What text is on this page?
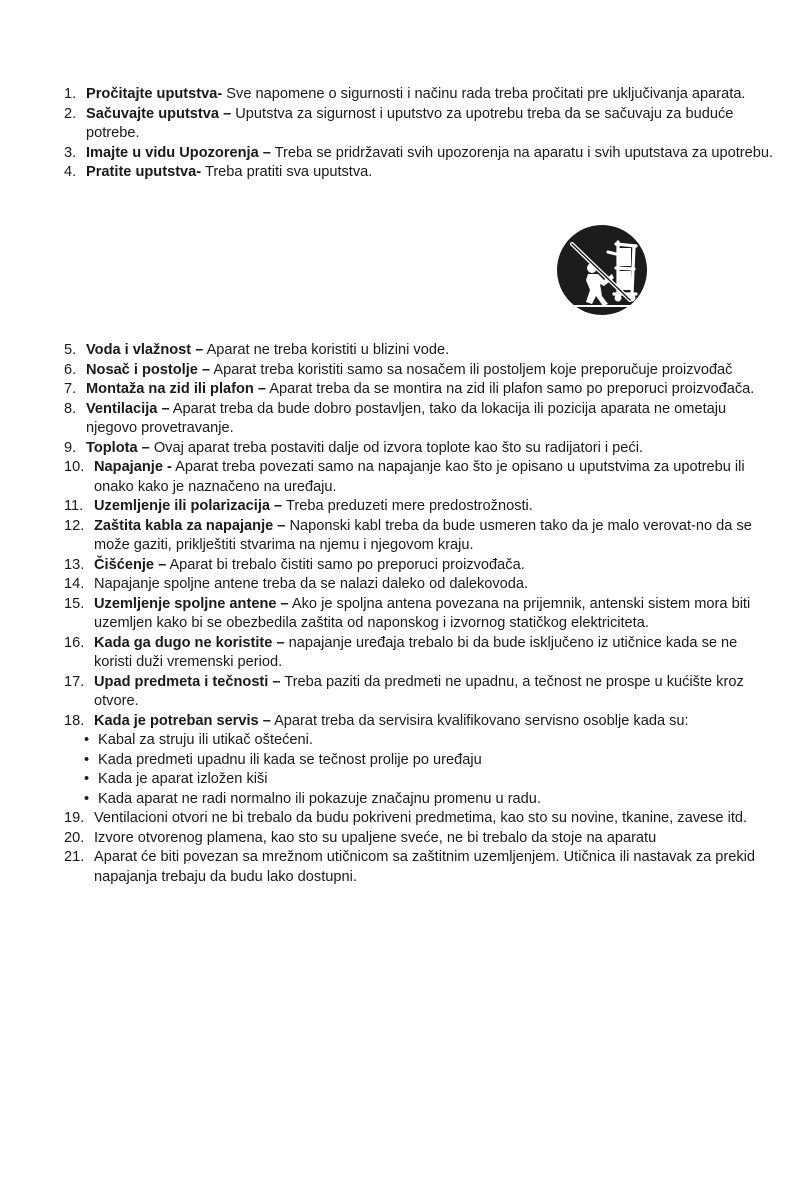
1. Pročitajte uputstva- Sve napomene o sigurnosti i načinu rada treba pročitati pre uključivanja aparata.
2. Sačuvajte uputstva – Uputstva za sigurnost i uputstvo za upotrebu treba da se sačuvaju za buduće potrebe.
3. Imajte u vidu Upozorenja – Treba se pridržavati svih upozorenja na aparatu i svih uputstava za upotrebu.
4. Pratite uputstva- Treba pratiti sva uputstva.
5. Voda i vlažnost – Aparat ne treba koristiti u blizini vode.
6. Nosač i postolje – Aparat treba koristiti samo sa nosačem ili postoljem koje preporučuje proizvođač
7. Montaža na zid ili plafon – Aparat treba da se montira na zid ili plafon samo po preporuci proizvođača.
8. Ventilacija – Aparat treba da bude dobro postavljen, tako da lokacija ili pozicija aparata ne ometaju njegovo provetravanje.
9. Toplota – Ovaj aparat treba postaviti dalje od izvora toplote kao što su radijatori i peći.
10. Napajanje - Aparat treba povezati samo na napajanje kao što je opisano u uputstvima za upotrebu ili onako kako je naznačeno na uređaju.
11. Uzemljenje ili polarizacija – Treba preduzeti mere predostrožnosti.
12. Zaštita kabla za napajanje – Naponski kabl treba da bude usmeren tako da je malo verovat-no da se može gaziti, priklještiti stvarima na njemu i njegovom kraju.
13. Čišćenje – Aparat bi trebalo čistiti samo po preporuci proizvođača.
14. Napajanje spoljne antene treba da se nalazi daleko od dalekovoda.
15. Uzemljenje spoljne antene – Ako je spoljna antena povezana na prijemnik, antenski sistem mora biti uzemljen kako bi se obezbedila zaštita od naponskog i izvornog statičkog elektriciteta.
16. Kada ga dugo ne koristite – napajanje uređaja trebalo bi da bude isključeno iz utičnice kada se ne koristi duži vremenski period.
17. Upad predmeta i tečnosti – Treba paziti da predmeti ne upadnu, a tečnost ne prospe u kućište kroz otvore.
18. Kada je potreban servis – Aparat treba da servisira kvalifikovano servisno osoblje kada su:
• Kabal za struju ili utikač oštećeni.
• Kada predmeti upadnu ili kada se tečnost prolije po uređaju
• Kada je aparat izložen kiši
• Kada aparat ne radi normalno ili pokazuje značajnu promenu u radu.
19. Ventilacioni otvori ne bi trebalo da budu pokriveni predmetima, kao sto su novine, tkanine, zavese itd.
20. Izvore otvorenog plamena, kao sto su upaljene sveće, ne bi trebalo da stoje na aparatu
21. Aparat će biti povezan sa mrežnom utičnicom sa zaštitnim uzemljenjem. Utičnica ili nastavak za prekid napajanja trebaju da budu lako dostupni.
